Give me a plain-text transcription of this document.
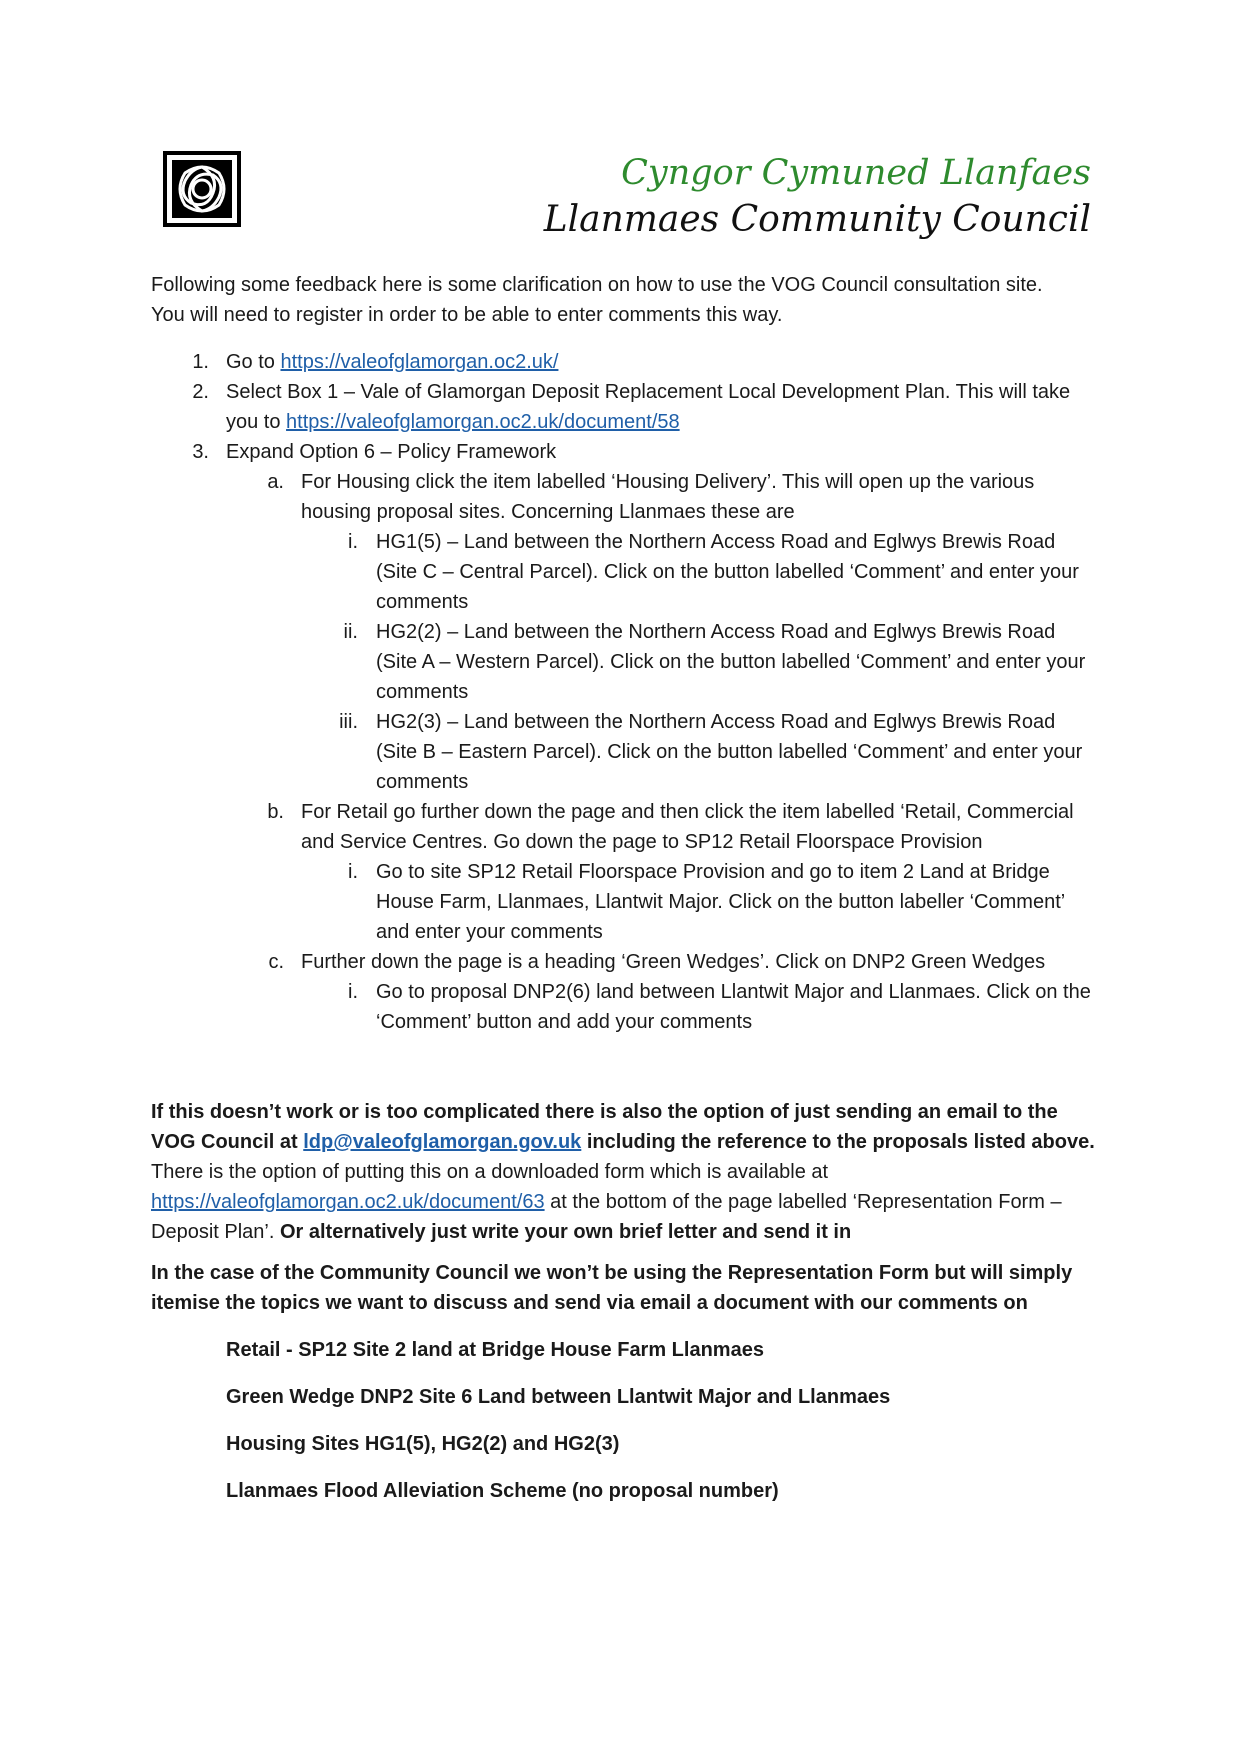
Cyngor Cymuned Llanfaes
Llanmaes Community Council
Following some feedback here is some clarification on how to use the VOG Council consultation site.
You will need to register in order to be able to enter comments this way.
1. Go to https://valeofglamorgan.oc2.uk/
2. Select Box 1 – Vale of Glamorgan Deposit Replacement Local Development Plan. This will take you to https://valeofglamorgan.oc2.uk/document/58
3. Expand Option 6 – Policy Framework
a. For Housing click the item labelled ‘Housing Delivery’. This will open up the various housing proposal sites. Concerning Llanmaes these are
i. HG1(5) – Land between the Northern Access Road and Eglwys Brewis Road (Site C – Central Parcel). Click on the button labelled ‘Comment’ and enter your comments
ii. HG2(2) – Land between the Northern Access Road and Eglwys Brewis Road (Site A – Western Parcel). Click on the button labelled ‘Comment’ and enter your comments
iii. HG2(3) – Land between the Northern Access Road and Eglwys Brewis Road (Site B – Eastern Parcel). Click on the button labelled ‘Comment’ and enter your comments
b. For Retail go further down the page and then click the item labelled ‘Retail, Commercial and Service Centres. Go down the page to SP12 Retail Floorspace Provision
i. Go to site SP12 Retail Floorspace Provision and go to item 2 Land at Bridge House Farm, Llanmaes, Llantwit Major. Click on the button labeller ‘Comment’ and enter your comments
c. Further down the page is a heading ‘Green Wedges’. Click on DNP2 Green Wedges
i. Go to proposal DNP2(6) land between Llantwit Major and Llanmaes. Click on the ‘Comment’ button and add your comments

If this doesn’t work or is too complicated there is also the option of just sending an email to the VOG Council at ldp@valeofglamorgan.gov.uk including the reference to the proposals listed above. There is the option of putting this on a downloaded form which is available at https://valeofglamorgan.oc2.uk/document/63 at the bottom of the page labelled ‘Representation Form – Deposit Plan’. Or alternatively just write your own brief letter and send it in

In the case of the Community Council we won’t be using the Representation Form but will simply itemise the topics we want to discuss and send via email a document with our comments on

Retail - SP12 Site 2 land at Bridge House Farm Llanmaes
Green Wedge DNP2 Site 6 Land between Llantwit Major and Llanmaes
Housing Sites HG1(5), HG2(2) and HG2(3)
Llanmaes Flood Alleviation Scheme (no proposal number)
